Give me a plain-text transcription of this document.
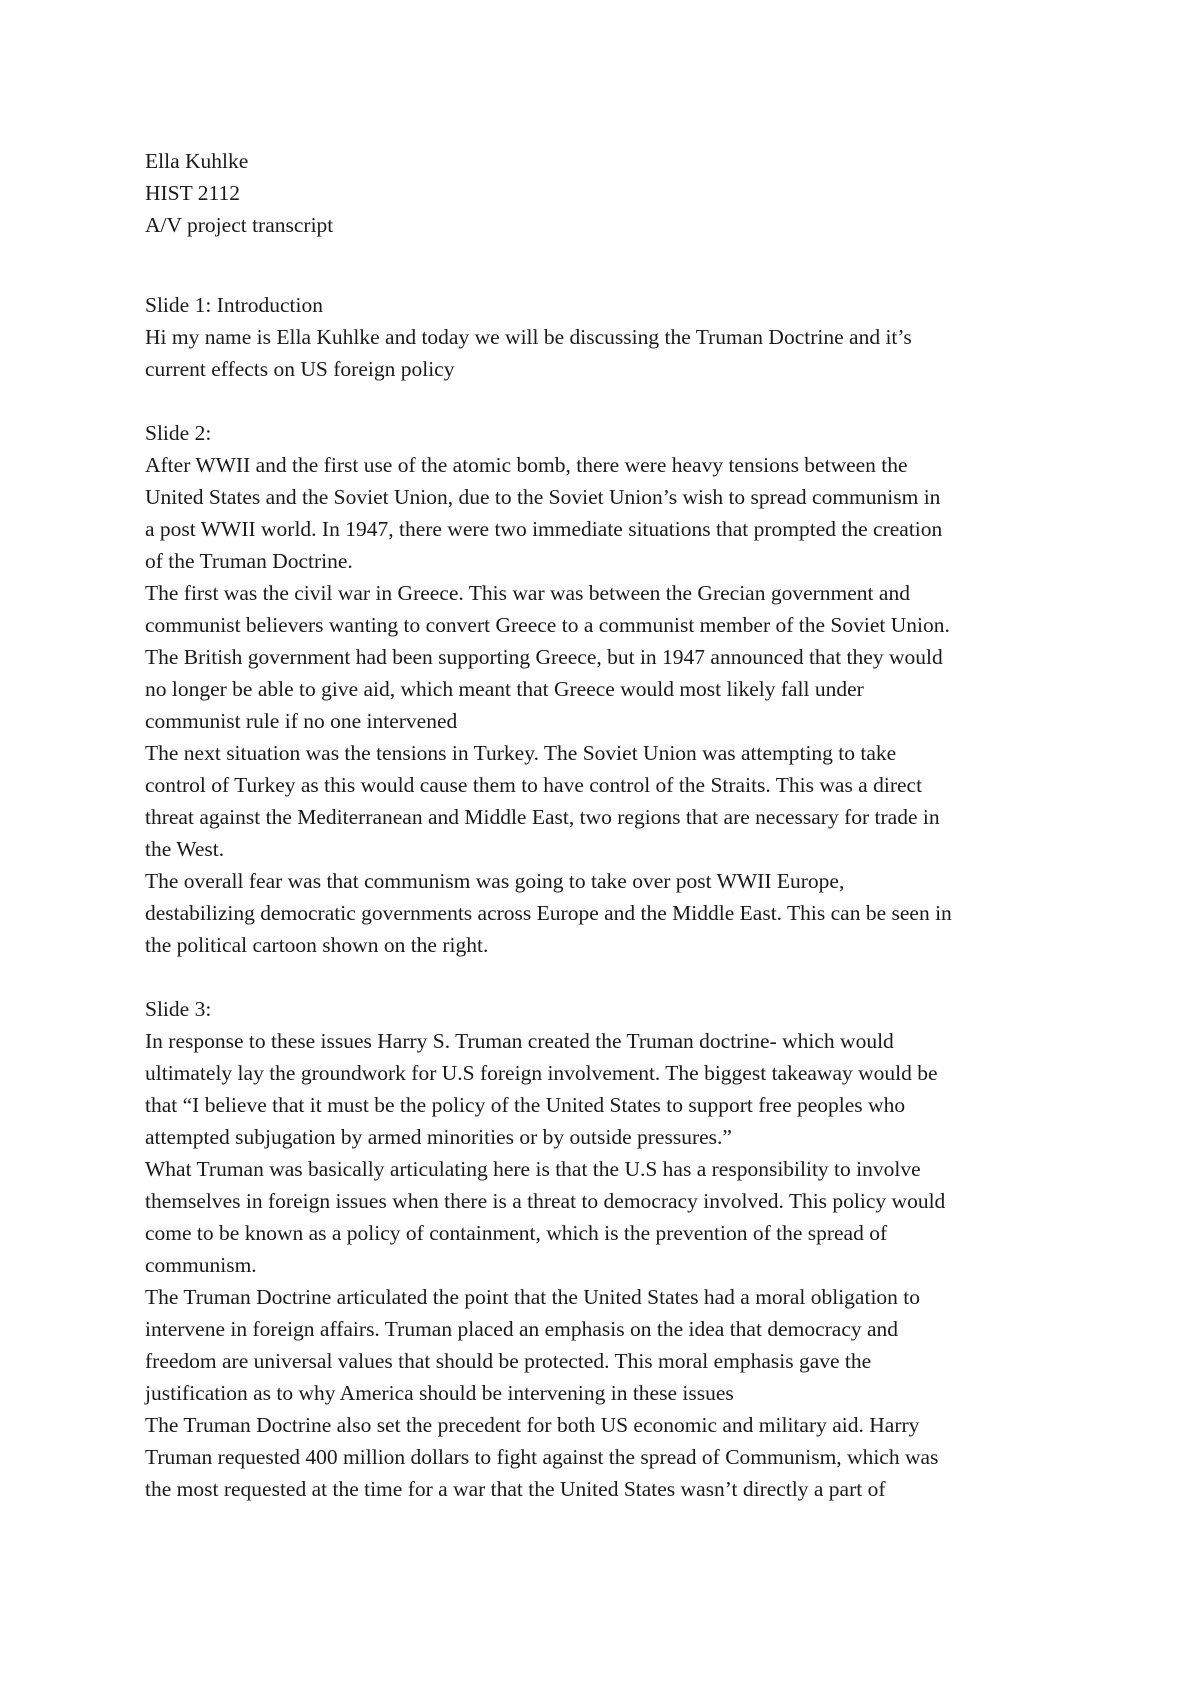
Ella Kuhlke
HIST 2112
A/V project transcript

Slide 1: Introduction
Hi my name is Ella Kuhlke and today we will be discussing the Truman Doctrine and it’s
current effects on US foreign policy

Slide 2:
After WWII and the first use of the atomic bomb, there were heavy tensions between the
United States and the Soviet Union, due to the Soviet Union’s wish to spread communism in
a post WWII world. In 1947, there were two immediate situations that prompted the creation
of the Truman Doctrine.
The first was the civil war in Greece. This war was between the Grecian government and
communist believers wanting to convert Greece to a communist member of the Soviet Union.
The British government had been supporting Greece, but in 1947 announced that they would
no longer be able to give aid, which meant that Greece would most likely fall under
communist rule if no one intervened
The next situation was the tensions in Turkey. The Soviet Union was attempting to take
control of Turkey as this would cause them to have control of the Straits. This was a direct
threat against the Mediterranean and Middle East, two regions that are necessary for trade in
the West.
The overall fear was that communism was going to take over post WWII Europe,
destabilizing democratic governments across Europe and the Middle East. This can be seen in
the political cartoon shown on the right.

Slide 3:
In response to these issues Harry S. Truman created the Truman doctrine- which would
ultimately lay the groundwork for U.S foreign involvement. The biggest takeaway would be
that “I believe that it must be the policy of the United States to support free peoples who
attempted subjugation by armed minorities or by outside pressures.”
What Truman was basically articulating here is that the U.S has a responsibility to involve
themselves in foreign issues when there is a threat to democracy involved. This policy would
come to be known as a policy of containment, which is the prevention of the spread of
communism.
The Truman Doctrine articulated the point that the United States had a moral obligation to
intervene in foreign affairs. Truman placed an emphasis on the idea that democracy and
freedom are universal values that should be protected. This moral emphasis gave the
justification as to why America should be intervening in these issues
The Truman Doctrine also set the precedent for both US economic and military aid. Harry
Truman requested 400 million dollars to fight against the spread of Communism, which was
the most requested at the time for a war that the United States wasn’t directly a part of
